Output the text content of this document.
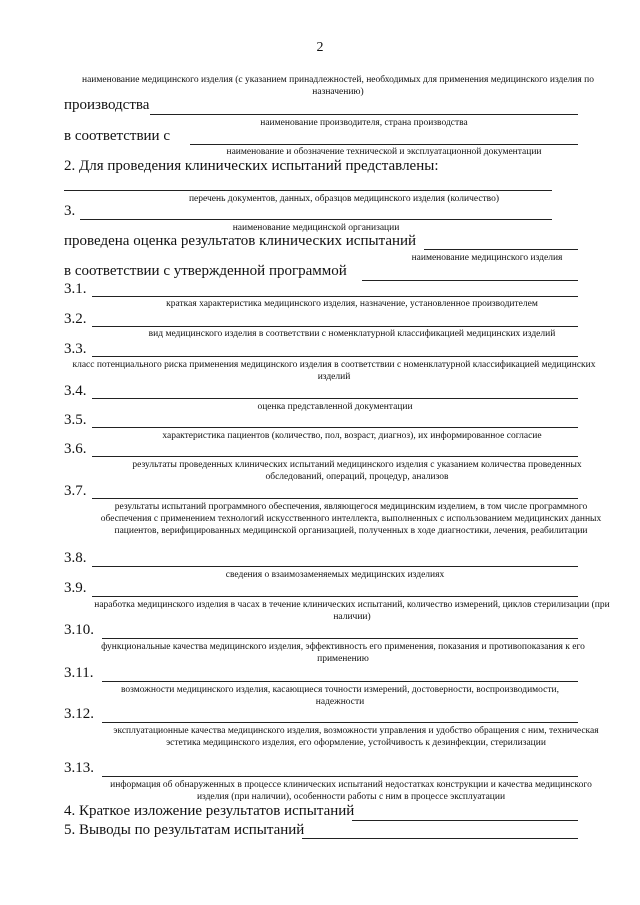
2
наименование медицинского изделия (с указанием принадлежностей, необходимых для применения медицинского изделия по назначению)
производства
наименование производителя, страна производства
в соответствии с
наименование и обозначение технической и эксплуатационной документации
2. Для проведения клинических испытаний представлены:
перечень документов, данных, образцов медицинского изделия (количество)
3.
наименование медицинской организации
проведена оценка результатов клинических испытаний
наименование медицинского изделия
в соответствии с утвержденной программой
3.1.
краткая характеристика медицинского изделия, назначение, установленное производителем
3.2.
вид медицинского изделия в соответствии с номенклатурной классификацией медицинских изделий
3.3.
класс потенциального риска применения медицинского изделия в соответствии с номенклатурной классификацией медицинских изделий
3.4.
оценка представленной документации
3.5.
характеристика пациентов (количество, пол, возраст, диагноз), их информированное согласие
3.6.
результаты проведенных клинических испытаний медицинского изделия с указанием количества проведенных обследований, операций, процедур, анализов
3.7.
результаты испытаний программного обеспечения, являющегося медицинским изделием, в том числе программного обеспечения с применением технологий искусственного интеллекта, выполненных с использованием медицинских данных пациентов, верифицированных медицинской организацией, полученных в ходе диагностики, лечения, реабилитации
3.8.
сведения о взаимозаменяемых медицинских изделиях
3.9.
наработка медицинского изделия в часах в течение клинических испытаний, количество измерений, циклов стерилизации (при наличии)
3.10.
функциональные качества медицинского изделия, эффективность его применения, показания и противопоказания к его применению
3.11.
возможности медицинского изделия, касающиеся точности измерений, достоверности, воспроизводимости, надежности
3.12.
эксплуатационные качества медицинского изделия, возможности управления и удобство обращения с ним, техническая эстетика медицинского изделия, его оформление, устойчивость к дезинфекции, стерилизации
3.13.
информация об обнаруженных в процессе клинических испытаний недостатках конструкции и качества медицинского изделия (при наличии), особенности работы с ним в процессе эксплуатации
4. Краткое изложение результатов испытаний
5. Выводы по результатам испытаний
